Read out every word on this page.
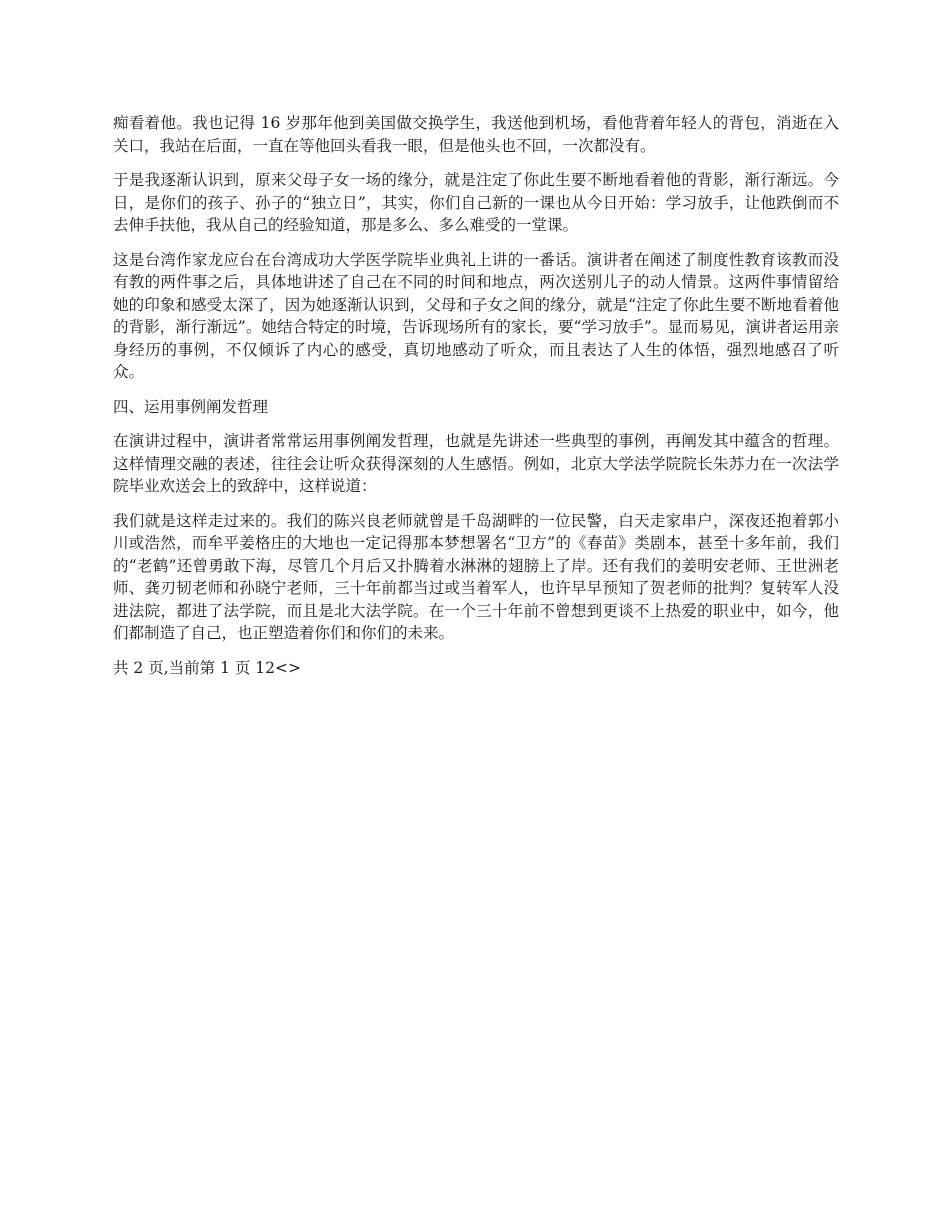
痴看着他。我也记得 16 岁那年他到美国做交换学生，我送他到机场，看他背着年轻人的背包，消逝在入关口，我站在后面，一直在等他回头看我一眼，但是他头也不回，一次都没有。

于是我逐渐认识到，原来父母子女一场的缘分，就是注定了你此生要不断地看着他的背影，渐行渐远。今日，是你们的孩子、孙子的“独立日”，其实，你们自己新的一课也从今日开始：学习放手，让他跌倒而不去伸手扶他，我从自己的经验知道，那是多么、多么难受的一堂课。

这是台湾作家龙应台在台湾成功大学医学院毕业典礼上讲的一番话。演讲者在阐述了制度性教育该教而没有教的两件事之后，具体地讲述了自己在不同的时间和地点，两次送别儿子的动人情景。这两件事情留给她的印象和感受太深了，因为她逐渐认识到，父母和子女之间的缘分，就是“注定了你此生要不断地看着他的背影，渐行渐远”。她结合特定的时境，告诉现场所有的家长，要“学习放手”。显而易见，演讲者运用亲身经历的事例，不仅倾诉了内心的感受，真切地感动了听众，而且表达了人生的体悟，强烈地感召了听众。

四、运用事例阐发哲理

在演讲过程中，演讲者常常运用事例阐发哲理，也就是先讲述一些典型的事例，再阐发其中蕴含的哲理。这样情理交融的表述，往往会让听众获得深刻的人生感悟。例如，北京大学法学院院长朱苏力在一次法学院毕业欢送会上的致辞中，这样说道：

我们就是这样走过来的。我们的陈兴良老师就曾是千岛湖畔的一位民警，白天走家串户，深夜还抱着郭小川或浩然，而牟平姜格庄的大地也一定记得那本梦想署名“卫方”的《春苗》类剧本，甚至十多年前，我们的“老鹤”还曾勇敢下海，尽管几个月后又扑腾着水淋淋的翅膀上了岸。还有我们的姜明安老师、王世洲老师、龚刃韧老师和孙晓宁老师，三十年前都当过或当着军人，也许早早预知了贺老师的批判？复转军人没进法院，都进了法学院，而且是北大法学院。在一个三十年前不曾想到更谈不上热爱的职业中，如今，他们都制造了自己，也正塑造着你们和你们的未来。

共 2 页,当前第 1 页 12<>
